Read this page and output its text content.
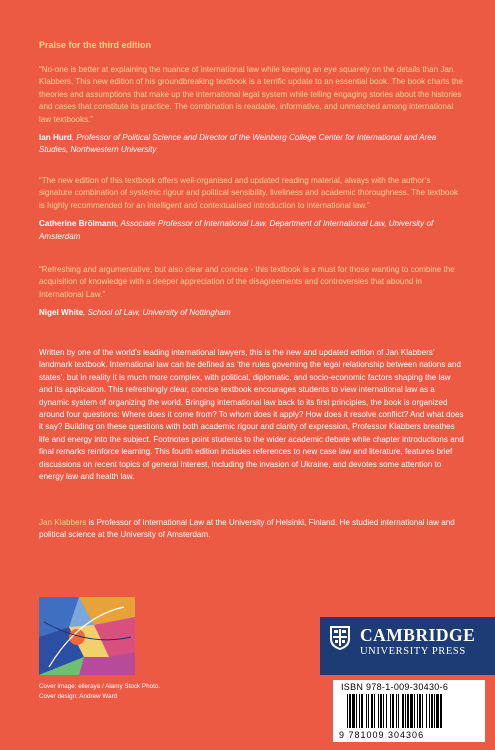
Praise for the third edition

“No-one is better at explaining the nuance of international law while keeping an eye squarely on the details than Jan Klabbers. This new edition of his groundbreaking textbook is a terrific update to an essential book. The book charts the theories and assumptions that make up the international legal system while telling engaging stories about the histories and cases that constitute its practice. The combination is readable, informative, and unmatched among international law textbooks.”

Ian Hurd, Professor of Political Science and Director of the Weinberg College Center for International and Area Studies, Northwestern University

“The new edition of this textbook offers well-organised and updated reading material, always with the author’s signature combination of systemic rigour and political sensibility, liveliness and academic thoroughness. The textbook is highly recommended for an intelligent and contextualised introduction to international law.”

Catherine Brölmann, Associate Professor of International Law, Department of International Law, University of Amsterdam

“Refreshing and argumentative, but also clear and concise - this textbook is a must for those wanting to combine the acquisition of knowledge with a deeper appreciation of the disagreements and controversies that abound in International Law.”

Nigel White, School of Law, University of Nottingham

Written by one of the world’s leading international lawyers, this is the new and updated edition of Jan Klabbers’ landmark textbook. International law can be defined as ‘the rules governing the legal relationship between nations and states’, but in reality it is much more complex, with political, diplomatic, and socio-economic factors shaping the law and its application. This refreshingly clear, concise textbook encourages students to view international law as a dynamic system of organizing the world. Bringing international law back to its first principles, the book is organized around four questions: Where does it come from? To whom does it apply? How does it resolve conflict? And what does it say? Building on these questions with both academic rigour and clarity of expression, Professor Klabbers breathes life and energy into the subject. Footnotes point students to the wider academic debate while chapter introductions and final remarks reinforce learning. This fourth edition includes references to new case law and literature, features brief discussions on recent topics of general interest, including the invasion of Ukraine, and devotes some attention to energy law and health law.

Jan Klabbers is Professor of International Law at the University of Helsinki, Finland. He studied international law and political science at the University of Amsterdam.

Cover image: elleraya / Alamy Stock Photo.
Cover design: Andrew Ward
CAMBRIDGE
UNIVERSITY PRESS
ISBN 978-1-009-30430-6
9 781009 304306
